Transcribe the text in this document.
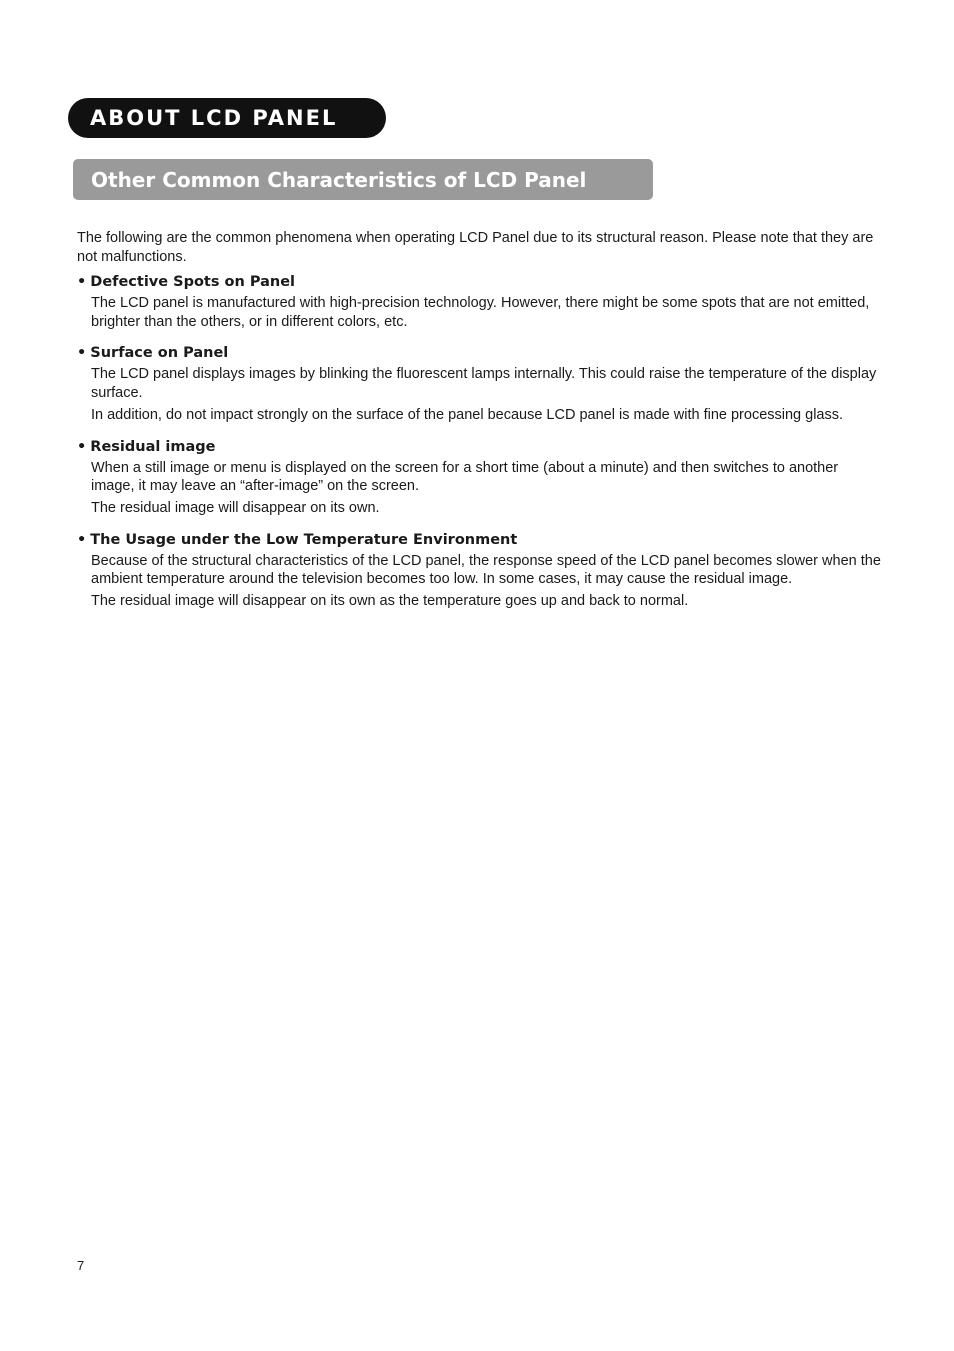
ABOUT LCD PANEL
Other Common Characteristics of LCD Panel

The following are the common phenomena when operating LCD Panel due to its structural reason. Please note that they are not malfunctions.

• Defective Spots on Panel

The LCD panel is manufactured with high-precision technology. However, there might be some spots that are not emitted, brighter than the others, or in different colors, etc.

• Surface on Panel

The LCD panel displays images by blinking the fluorescent lamps internally. This could raise the temperature of the display surface.

In addition, do not impact strongly on the surface of the panel because LCD panel is made with fine processing glass.

• Residual image

When a still image or menu is displayed on the screen for a short time (about a minute) and then switches to another image, it may leave an “after-image” on the screen.

The residual image will disappear on its own.

• The Usage under the Low Temperature Environment

Because of the structural characteristics of the LCD panel, the response speed of the LCD panel becomes slower when the ambient temperature around the television becomes too low. In some cases, it may cause the residual image.

The residual image will disappear on its own as the temperature goes up and back to normal.

7
